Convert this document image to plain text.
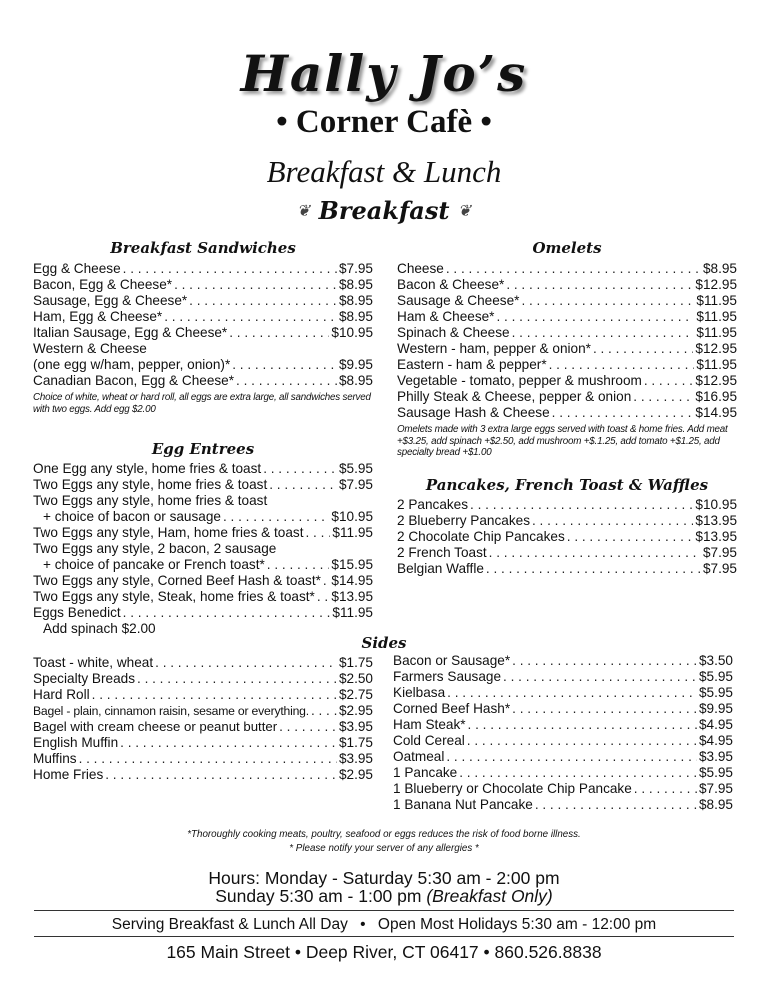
Hally Jo’s
• Corner Cafè •
Breakfast & Lunch
❦ Breakfast ❦
Breakfast Sandwiches
Egg & Cheese . . .	$7.95
Bacon, Egg & Cheese* . . .	$8.95
Sausage, Egg & Cheese* . . .	$8.95
Ham, Egg & Cheese* . . .	$8.95
Italian Sausage, Egg & Cheese* . . .	$10.95
Western & Cheese
(one egg w/ham, pepper, onion)* . . .	$9.95
Canadian Bacon, Egg & Cheese* . . .	$8.95
Choice of white, wheat or hard roll, all eggs are extra large, all sandwiches served with two eggs. Add egg $2.00
Omelets
Cheese . . .	$8.95
Bacon & Cheese* . . .	$12.95
Sausage & Cheese* . . .	$11.95
Ham & Cheese* . . .	$11.95
Spinach & Cheese . . .	$11.95
Western - ham, pepper & onion* . . .	$12.95
Eastern - ham & pepper* . . .	$11.95
Vegetable - tomato, pepper & mushroom . . .	$12.95
Philly Steak & Cheese, pepper & onion . . .	$16.95
Sausage Hash & Cheese . . .	$14.95
Omelets made with 3 extra large eggs served with toast & home fries. Add meat +$3.25, add spinach +$2.50, add mushroom +$.1.25, add tomato +$1.25, add specialty bread +$1.00
Egg Entrees
One Egg any style, home fries & toast . . .	$5.95
Two Eggs any style, home fries & toast . . .	$7.95
Two Eggs any style, home fries & toast
+ choice of bacon or sausage . . .	$10.95
Two Eggs any style, Ham, home fries & toast . . . $11.95
Two Eggs any style, 2 bacon, 2 sausage
+ choice of pancake or French toast* . . .	$15.95
Two Eggs any style, Corned Beef Hash & toast* . . . $14.95
Two Eggs any style, Steak, home fries & toast* . . . $13.95
Eggs Benedict . . .	$11.95
Add spinach $2.00
Pancakes, French Toast & Waffles
2 Pancakes . . .	$10.95
2 Blueberry Pancakes . . .	$13.95
2 Chocolate Chip Pancakes . . .	$13.95
2 French Toast . . .	$7.95
Belgian Waffle . . .	$7.95
Sides
Toast - white, wheat . . .	$1.75
Specialty Breads . . .	$2.50
Hard Roll . . .	$2.75
Bagel - plain, cinnamon raisin, sesame or everything. . . . $2.95
Bagel with cream cheese or peanut butter . . .	$3.95
English Muffin . . .	$1.75
Muffins . . .	$3.95
Home Fries . . .	$2.95
Bacon or Sausage* . . .	$3.50
Farmers Sausage . . .	$5.95
Kielbasa . . .	$5.95
Corned Beef Hash* . . .	$9.95
Ham Steak* . . .	$4.95
Cold Cereal . . .	$4.95
Oatmeal . . .	$3.95
1 Pancake . . .	$5.95
1 Blueberry or Chocolate Chip Pancake . . .	$7.95
1 Banana Nut Pancake . . .	$8.95
*Thoroughly cooking meats, poultry, seafood or eggs reduces the risk of food borne illness.
* Please notify your server of any allergies *
Hours: Monday - Saturday 5:30 am - 2:00 pm
Sunday 5:30 am - 1:00 pm (Breakfast Only)
Serving Breakfast & Lunch All Day • Open Most Holidays 5:30 am - 12:00 pm
165 Main Street • Deep River, CT 06417 • 860.526.8838
